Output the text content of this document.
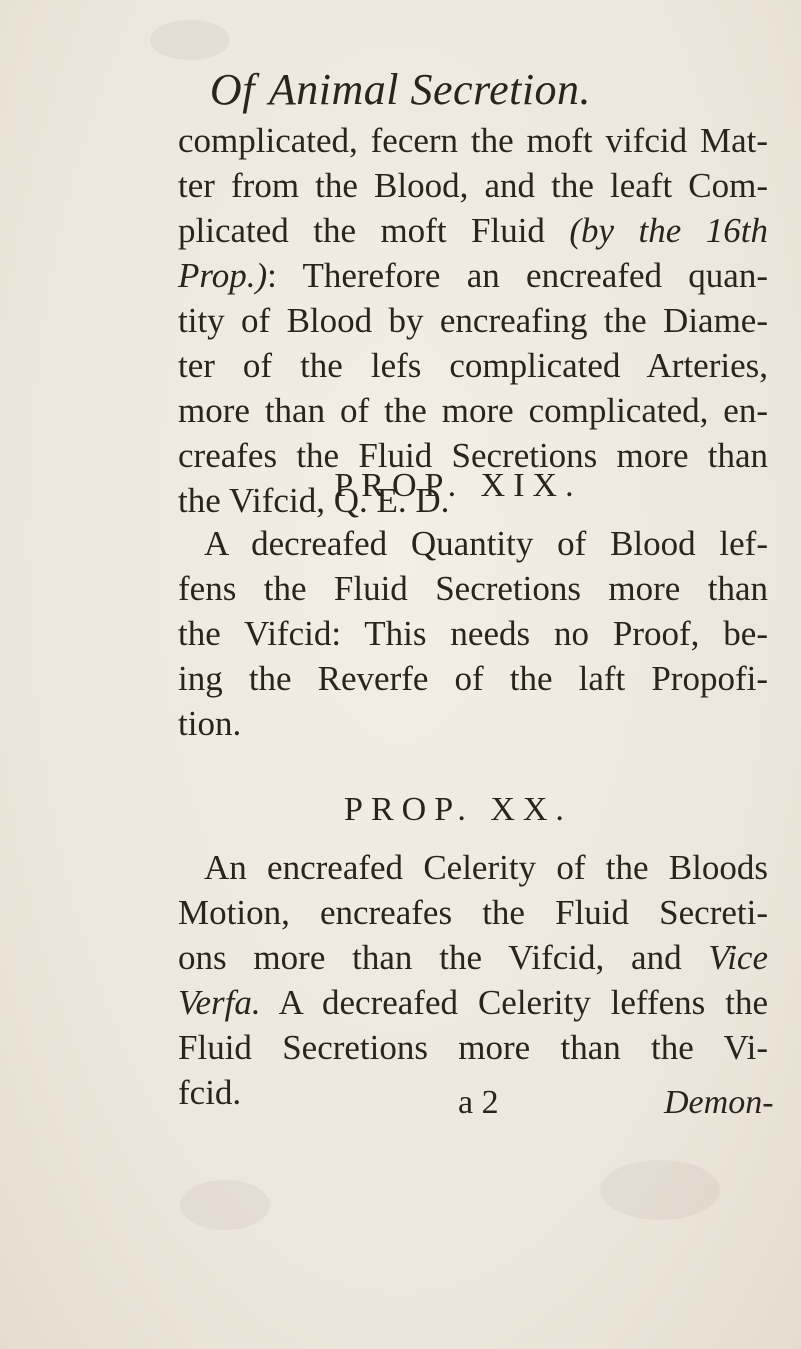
Of Animal Secretion.
complicated, fecern the moft vifcid Mat-
ter from the Blood, and the leaft Com-
plicated the moft Fluid (by the 16th
Prop.): Therefore an encreafed quan-
tity of Blood by encreafing the Diame-
ter of the lefs complicated Arteries,
more than of the more complicated, en-
creafes the Fluid Secretions more than
the Vifcid, Q. E. D.
PROP. XIX.
A decreafed Quantity of Blood lef-
fens the Fluid Secretions more than
the Vifcid: This needs no Proof, be-
ing the Reverfe of the laft Propofi-
tion.
PROP. XX.
An encreafed Celerity of the Bloods
Motion, encreafes the Fluid Secreti-
ons more than the Vifcid, and Vice
Verfa. A decreafed Celerity leffens the
Fluid Secretions more than the Vi-
fcid.	a 2	Demon-
